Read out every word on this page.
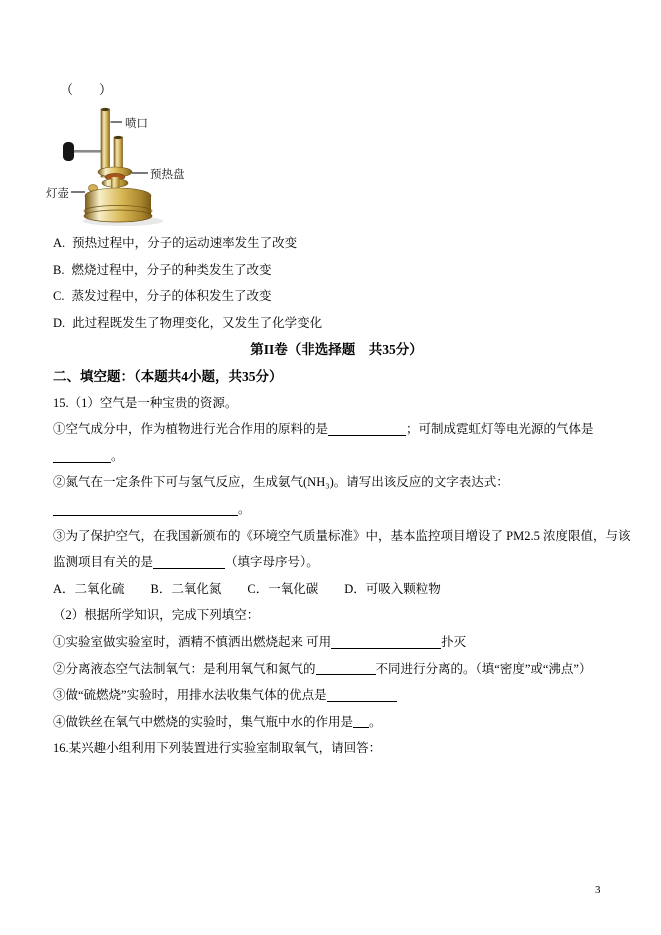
（　　）
喷口
预热盘
灯壶
A. 预热过程中，分子的运动速率发生了改变
B. 燃烧过程中，分子的种类发生了改变
C. 蒸发过程中，分子的体积发生了改变
D. 此过程既发生了物理变化，又发生了化学变化
第II卷（非选择题　共35分）
二、填空题：（本题共4小题，共35分）
15.（1）空气是一种宝贵的资源。
①空气成分中，作为植物进行光合作用的原料的是	；可制成霓虹灯等电光源的气体是
。
②氮气在一定条件下可与氢气反应，生成氨气(NH₃)。请写出该反应的文字表达式：
。
③为了保护空气，在我国新颁布的《环境空气质量标准》中，基本监控项目增设了 PM2.5 浓度限值，与该
监测项目有关的是	（填字母序号）。
A．二氧化硫 B．二氧化氮 C．一氧化碳 D．可吸入颗粒物
（2）根据所学知识，完成下列填空：
①实验室做实验室时，酒精不慎洒出燃烧起来 可用	扑灭
②分离液态空气法制氧气：是利用氧气和氮气的	不同进行分离的。（填“密度”或“沸点”）
③做“硫燃烧”实验时，用排水法收集气体的优点是
④做铁丝在氧气中燃烧的实验时，集气瓶中水的作用是 。
16.某兴趣小组利用下列装置进行实验室制取氧气，请回答：
3
